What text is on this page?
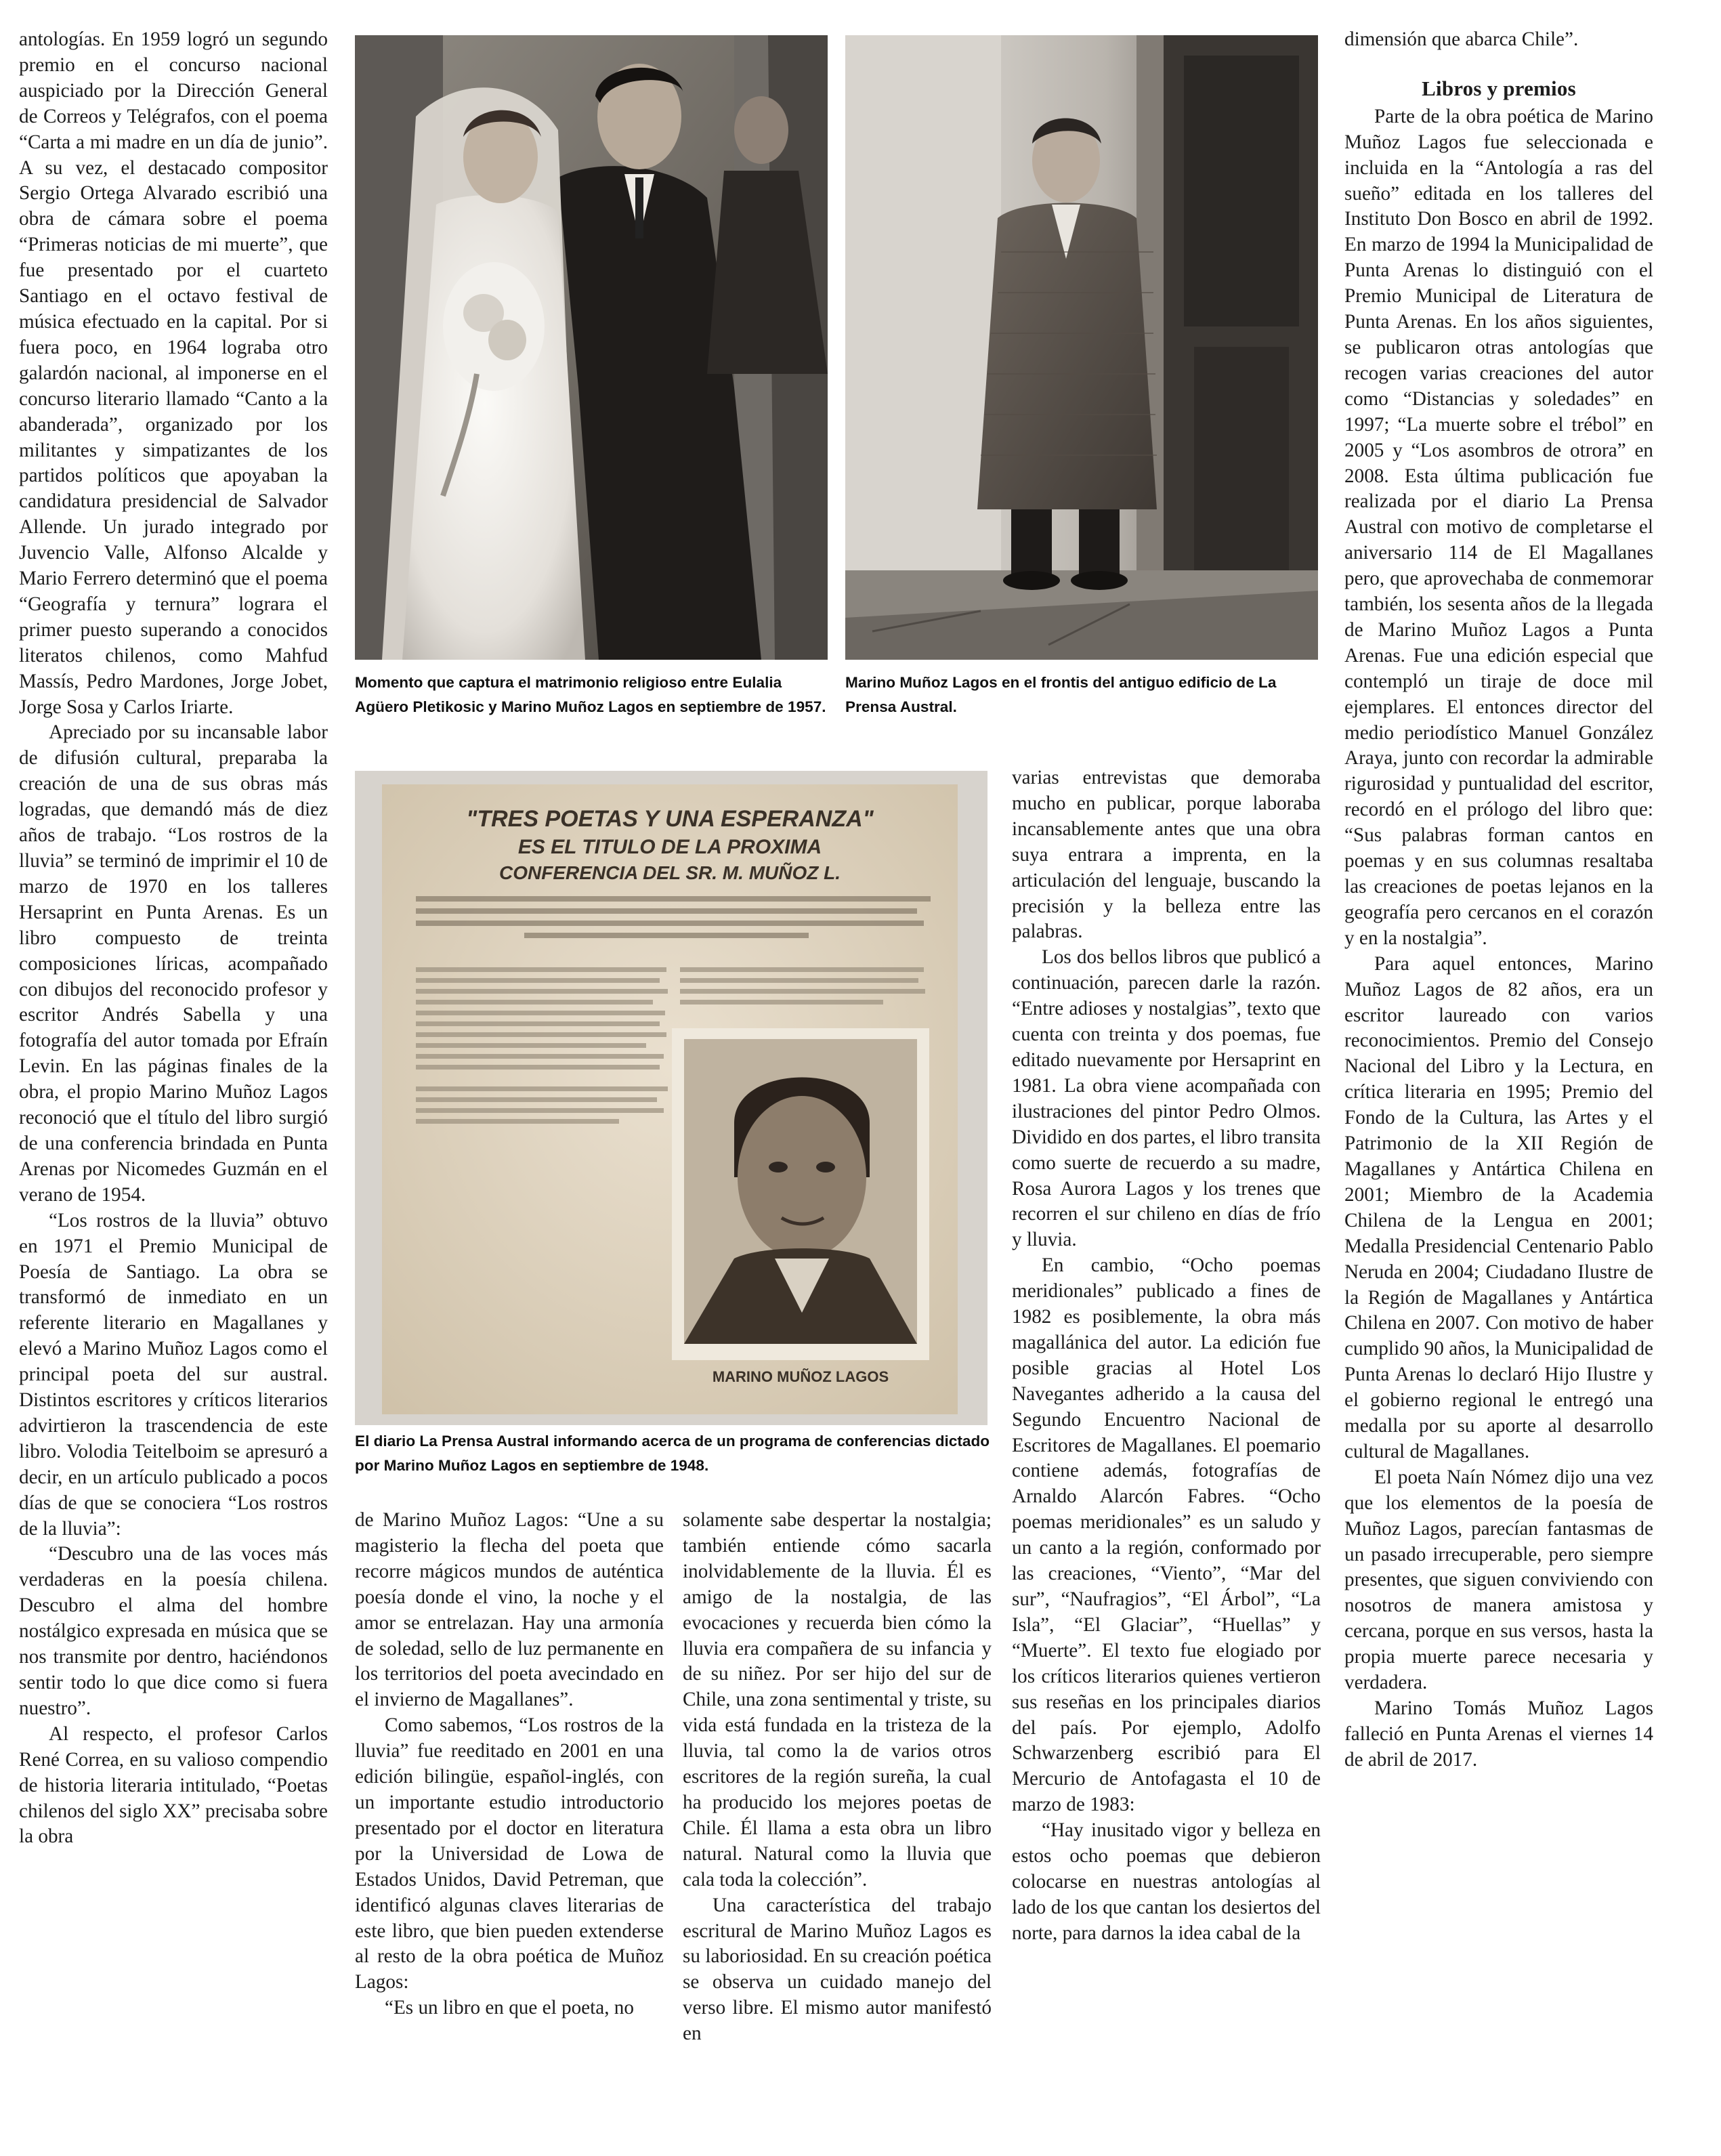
antologías. En 1959 logró un segundo premio en el concurso nacional auspiciado por la Dirección General de Correos y Telégrafos, con el poema “Carta a mi madre en un día de junio”. A su vez, el destacado compositor Sergio Ortega Alvarado escribió una obra de cámara sobre el poema “Primeras noticias de mi muerte”, que fue presentado por el cuarteto Santiago en el octavo festival de música efectuado en la capital. Por si fuera poco, en 1964 lograba otro galardón nacional, al imponerse en el concurso literario llamado “Canto a la abanderada”, organizado por los militantes y simpatizantes de los partidos políticos que apoyaban la candidatura presidencial de Salvador Allende. Un jurado integrado por Juvencio Valle, Alfonso Alcalde y Mario Ferrero determinó que el poema “Geografía y ternura” lograra el primer puesto superando a conocidos literatos chilenos, como Mahfud Massís, Pedro Mardones, Jorge Jobet, Jorge Sosa y Carlos Iriarte.

Apreciado por su incansable labor de difusión cultural, preparaba la creación de una de sus obras más logradas, que demandó más de diez años de trabajo. “Los rostros de la lluvia” se terminó de imprimir el 10 de marzo de 1970 en los talleres Hersaprint en Punta Arenas. Es un libro compuesto de treinta composiciones líricas, acompañado con dibujos del reconocido profesor y escritor Andrés Sabella y una fotografía del autor tomada por Efraín Levin. En las páginas finales de la obra, el propio Marino Muñoz Lagos reconoció que el título del libro surgió de una conferencia brindada en Punta Arenas por Nicomedes Guzmán en el verano de 1954.

“Los rostros de la lluvia” obtuvo en 1971 el Premio Municipal de Poesía de Santiago. La obra se transformó de inmediato en un referente literario en Magallanes y elevó a Marino Muñoz Lagos como el principal poeta del sur austral. Distintos escritores y críticos literarios advirtieron la trascendencia de este libro. Volodia Teitelboim se apresuró a decir, en un artículo publicado a pocos días de que se conociera “Los rostros de la lluvia”:

“Descubro una de las voces más verdaderas en la poesía chilena. Descubro el alma del hombre nostálgico expresada en música que se nos transmite por dentro, haciéndonos sentir todo lo que dice como si fuera nuestro”.

Al respecto, el profesor Carlos René Correa, en su valioso compendio de historia literaria intitulado, “Poetas chilenos del siglo XX” precisaba sobre la obra

Momento que captura el matrimonio religioso entre Eulalia Agüero Pletikosic y Marino Muñoz Lagos en septiembre de 1957.
Marino Muñoz Lagos en el frontis del antiguo edificio de La Prensa Austral.
"TRES POETAS Y UNA ESPERANZA"
ES EL TITULO DE LA PROXIMA
CONFERENCIA DEL SR. M. MUÑOZ L.
MARINO MUÑOZ LAGOS
El diario La Prensa Austral informando acerca de un programa de conferencias dictado por Marino Muñoz Lagos en septiembre de 1948.

de Marino Muñoz Lagos: “Une a su magisterio la flecha del poeta que recorre mágicos mundos de auténtica poesía donde el vino, la noche y el amor se entrelazan. Hay una armonía de soledad, sello de luz permanente en los territorios del poeta avecindado en el invierno de Magallanes”.

Como sabemos, “Los rostros de la lluvia” fue reeditado en 2001 en una edición bilingüe, español-inglés, con un importante estudio introductorio presentado por el doctor en literatura por la Universidad de Lowa de Estados Unidos, David Petreman, que identificó algunas claves literarias de este libro, que bien pueden extenderse al resto de la obra poética de Muñoz Lagos:

“Es un libro en que el poeta, no

solamente sabe despertar la nostalgia; también entiende cómo sacarla inolvidablemente de la lluvia. Él es amigo de la nostalgia, de las evocaciones y recuerda bien cómo la lluvia era compañera de su infancia y de su niñez. Por ser hijo del sur de Chile, una zona sentimental y triste, su vida está fundada en la tristeza de la lluvia, tal como la de varios otros escritores de la región sureña, la cual ha producido los mejores poetas de Chile. Él llama a esta obra un libro natural. Natural como la lluvia que cala toda la colección”.

Una característica del trabajo escritural de Marino Muñoz Lagos es su laboriosidad. En su creación poética se observa un cuidado manejo del verso libre. El mismo autor manifestó en

varias entrevistas que demoraba mucho en publicar, porque laboraba incansablemente antes que una obra suya entrara a imprenta, en la articulación del lenguaje, buscando la precisión y la belleza entre las palabras.

Los dos bellos libros que publicó a continuación, parecen darle la razón. “Entre adioses y nostalgias”, texto que cuenta con treinta y dos poemas, fue editado nuevamente por Hersaprint en 1981. La obra viene acompañada con ilustraciones del pintor Pedro Olmos. Dividido en dos partes, el libro transita como suerte de recuerdo a su madre, Rosa Aurora Lagos y los trenes que recorren el sur chileno en días de frío y lluvia.

En cambio, “Ocho poemas meridionales” publicado a fines de 1982 es posiblemente, la obra más magallánica del autor. La edición fue posible gracias al Hotel Los Navegantes adherido a la causa del Segundo Encuentro Nacional de Escritores de Magallanes. El poemario contiene además, fotografías de Arnaldo Alarcón Fabres. “Ocho poemas meridionales” es un saludo y un canto a la región, conformado por las creaciones, “Viento”, “Mar del sur”, “Naufragios”, “El Árbol”, “La Isla”, “El Glaciar”, “Huellas” y “Muerte”. El texto fue elogiado por los críticos literarios quienes vertieron sus reseñas en los principales diarios del país. Por ejemplo, Adolfo Schwarzenberg escribió para El Mercurio de Antofagasta el 10 de marzo de 1983:

“Hay inusitado vigor y belleza en estos ocho poemas que debieron colocarse en nuestras antologías al lado de los que cantan los desiertos del norte, para darnos la idea cabal de la

dimensión que abarca Chile”.

Libros y premios

Parte de la obra poética de Marino Muñoz Lagos fue seleccionada e incluida en la “Antología a ras del sueño” editada en los talleres del Instituto Don Bosco en abril de 1992. En marzo de 1994 la Municipalidad de Punta Arenas lo distinguió con el Premio Municipal de Literatura de Punta Arenas. En los años siguientes, se publicaron otras antologías que recogen varias creaciones del autor como “Distancias y soledades” en 1997; “La muerte sobre el trébol” en 2005 y “Los asombros de otrora” en 2008. Esta última publicación fue realizada por el diario La Prensa Austral con motivo de completarse el aniversario 114 de El Magallanes pero, que aprovechaba de conmemorar también, los sesenta años de la llegada de Marino Muñoz Lagos a Punta Arenas. Fue una edición especial que contempló un tiraje de doce mil ejemplares. El entonces director del medio periodístico Manuel González Araya, junto con recordar la admirable rigurosidad y puntualidad del escritor, recordó en el prólogo del libro que: “Sus palabras forman cantos en poemas y en sus columnas resaltaba las creaciones de poetas lejanos en la geografía pero cercanos en el corazón y en la nostalgia”.

Para aquel entonces, Marino Muñoz Lagos de 82 años, era un escritor laureado con varios reconocimientos. Premio del Consejo Nacional del Libro y la Lectura, en crítica literaria en 1995; Premio del Fondo de la Cultura, las Artes y el Patrimonio de la XII Región de Magallanes y Antártica Chilena en 2001; Miembro de la Academia Chilena de la Lengua en 2001; Medalla Presidencial Centenario Pablo Neruda en 2004; Ciudadano Ilustre de la Región de Magallanes y Antártica Chilena en 2007. Con motivo de haber cumplido 90 años, la Municipalidad de Punta Arenas lo declaró Hijo Ilustre y el gobierno regional le entregó una medalla por su aporte al desarrollo cultural de Magallanes.

El poeta Naín Nómez dijo una vez que los elementos de la poesía de Muñoz Lagos, parecían fantasmas de un pasado irrecuperable, pero siempre presentes, que siguen conviviendo con nosotros de manera amistosa y cercana, porque en sus versos, hasta la propia muerte parece necesaria y verdadera.

Marino Tomás Muñoz Lagos falleció en Punta Arenas el viernes 14 de abril de 2017.
